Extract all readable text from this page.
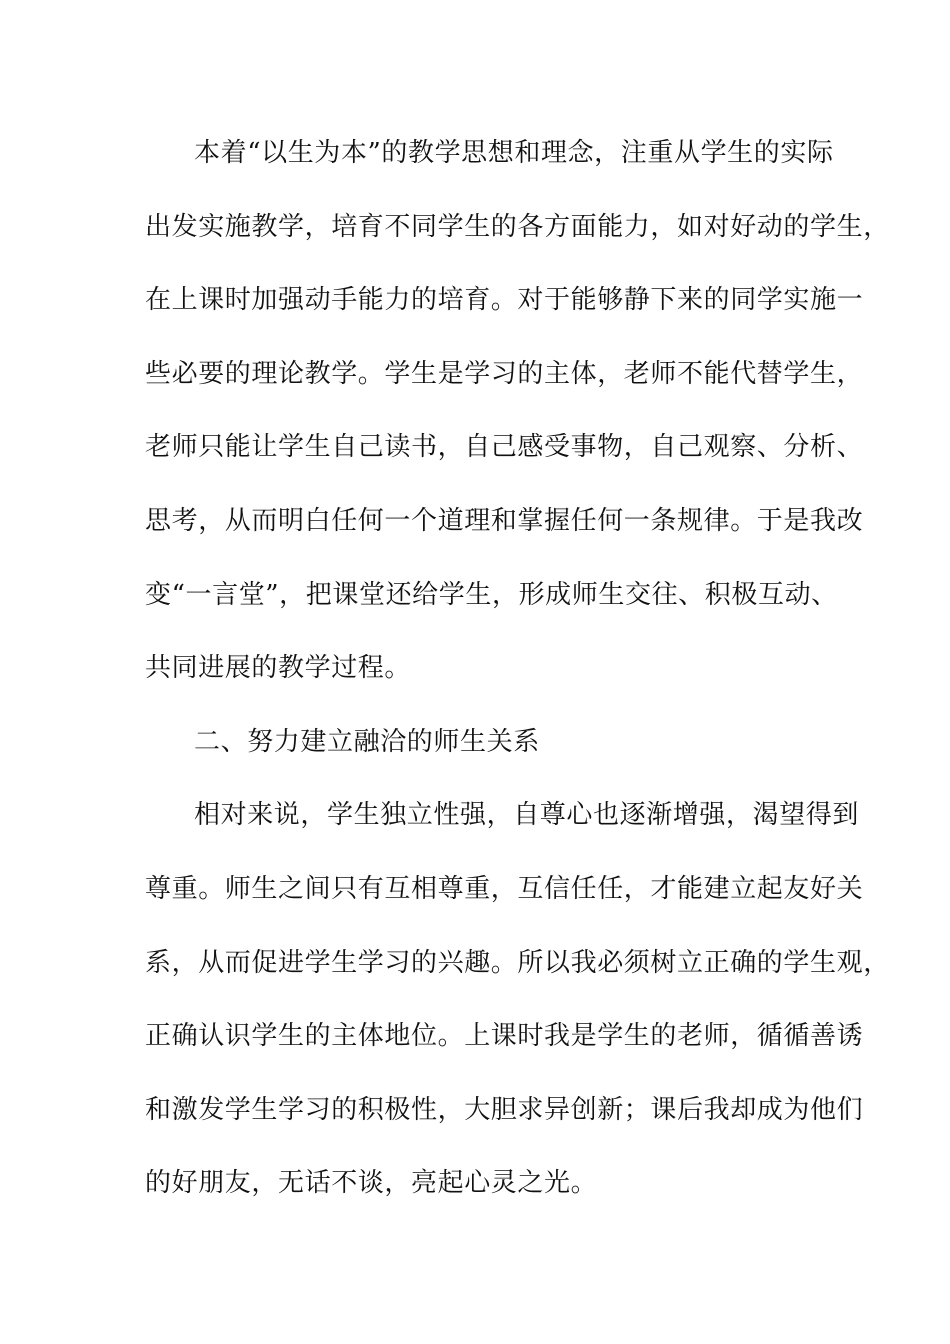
本着“以生为本”的教学思想和理念，注重从学生的实际
出发实施教学，培育不同学生的各方面能力，如对好动的学生，
在上课时加强动手能力的培育。对于能够静下来的同学实施一
些必要的理论教学。学生是学习的主体，老师不能代替学生，
老师只能让学生自己读书，自己感受事物，自己观察、分析、
思考，从而明白任何一个道理和掌握任何一条规律。于是我改
变“一言堂”，把课堂还给学生，形成师生交往、积极互动、
共同进展的教学过程。
二、努力建立融洽的师生关系
相对来说，学生独立性强，自尊心也逐渐增强，渴望得到
尊重。师生之间只有互相尊重，互信任任，才能建立起友好关
系，从而促进学生学习的兴趣。所以我必须树立正确的学生观，
正确认识学生的主体地位。上课时我是学生的老师，循循善诱
和激发学生学习的积极性，大胆求异创新；课后我却成为他们
的好朋友，无话不谈，亮起心灵之光。
